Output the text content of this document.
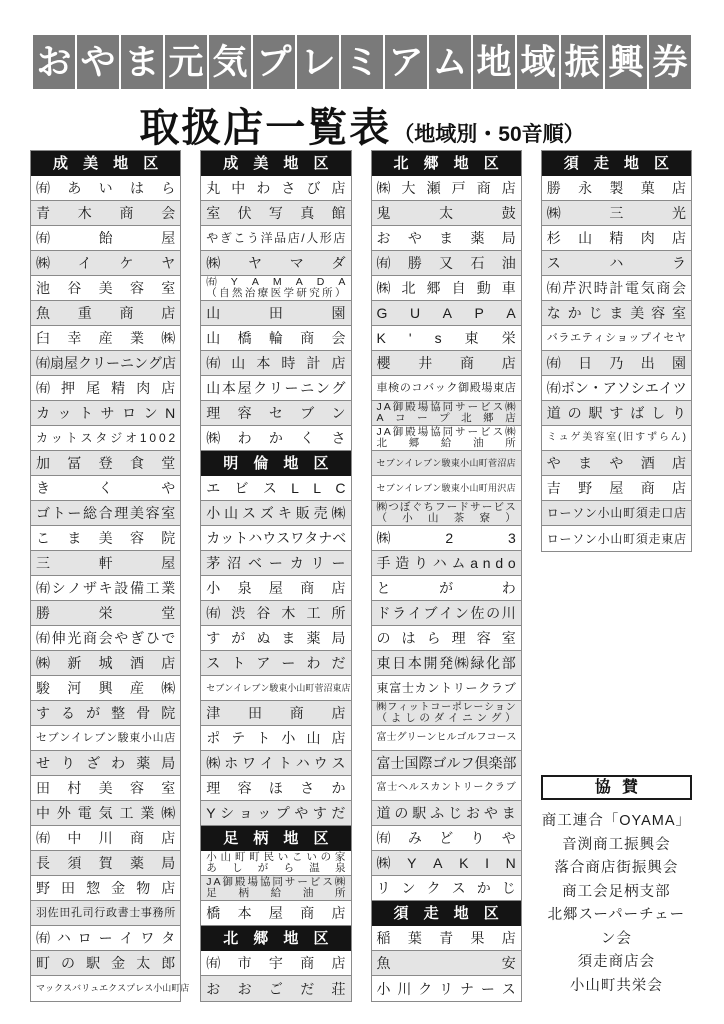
お や ま 元 気 プ レ ミ ア ム 地 域 振 興 券
取扱店一覧表 （地域別・50音順）
成 美 地 区
㈲ あ い は ら
青 木 商 会
㈲	飴	屋
㈱ イ ケ ヤ
池 谷 美 容 室
魚 重 商 店
臼 幸 産 業 ㈱
㈲ 扇 屋 ク リ ー ニ ン グ 店
㈲ 押 尾 精 肉 店
カ ッ ト サ ロ ン N
カ ッ ト ス タ ジ オ 1 0 0 2
加 冨 登 食 堂
き	く	や
ゴ ト ー 総 合 理 美 容 室
こ ま 美 容 院
三	軒	屋
㈲ シ ノ ザ キ 設 備 工 業
勝	栄	堂
㈲ 伸 光 商 会 や ぎ ひ で
㈱ 新 城 酒 店
駿 河 興 産 ㈱
す る が 整 骨 院
セ ブ ン イ レ ブ ン 駿 東 小 山 店
せ り ざ わ 薬 局
田 村 美 容 室
中 外 電 気 工 業 ㈱
㈲ 中 川 商 店
長 須 賀 薬 局
野 田 惣 金 物 店
羽 佐 田 孔 司 行 政 書 士 事 務 所
㈲ ハ ロ ー イ ワ タ
町 の 駅 金 太 郎
マ ッ ク ス バ リ ュ エ ク ス プ レ ス 小 山 町 店
成 美 地 区
丸 中 わ さ び 店
室 伏 写 真 館
や ぎ こ う 洋 品 店 / 人 形 店
㈱ ヤ マ ダ
㈲ Y A M A D A
（ 自 然 治 療 医 学 研 究 所 ）
山	田	園
山 橋 輪 商 会
㈲ 山 本 時 計 店
山 本 屋 ク リ ー ニ ン グ
理 容 セ ブ ン
㈱ わ か く さ
明 倫 地 区
エ ビ ス L L C
小 山 ス ズ キ 販 売 ㈱
カ ッ ト ハ ウ ス ワ タ ナ ベ
茅 沼 ベ ー カ リ ー
小 泉 屋 商 店
㈲ 渋 谷 木 工 所
す が ぬ ま 薬 局
ス ト ア ー わ だ
セ ブ ン イ レ ブ ン 駿 東 小 山 町 菅 沼 東 店
津 田 商 店
ポ テ ト 小 山 店
㈱ ホ ワ イ ト ハ ウ ス
理 容 ほ さ か
Y シ ョ ッ プ や す だ
足 柄 地 区
小 山 町 町 民 い こ い の 家
あ し が ら 温 泉
J A 御 殿 場 協 同 サ ー ビ ス ㈱
足 柄 給 油 所
橋 本 屋 商 店
北 郷 地 区
㈲ 市 宇 商 店
お お ご だ 荘
北 郷 地 区
㈱ 大 瀬 戸 商 店
鬼	太	鼓
お や ま 薬 局
㈲ 勝 又 石 油
㈱ 北 郷 自 動 車
G U A P A
K ' s 東 栄
櫻 井 商 店
車 検 の コ バ ッ ク 御 殿 場 東 店
J A 御 殿 場 協 同 サ ー ビ ス ㈱
A コ ー プ 北 郷 店
J A 御 殿 場 協 同 サ ー ビ ス ㈱
北 郷 給 油 所
セ ブ ン イ レ ブ ン 駿 東 小 山 町 菅 沼 店
セ ブ ン イ レ ブ ン 駿 東 小 山 町 用 沢 店
㈱ つ ぼ ぐ ち フ ー ド サ ー ビ ス
（ 小 山 茶 寮 ）
㈱	2	3
手 造 り ハ ム a n d o
と	が	わ
ド ラ イ ブ イ ン 佐 の 川
の は ら 理 容 室
東 日 本 開 発 ㈱ 緑 化 部
東 富 士 カ ン ト リ ー ク ラ ブ
㈱ フ ィ ッ ト コ ー ポ レ ー シ ョ ン
（ よ し の ダ イ ニ ン グ ）
富 士 グ リ ー ン ヒ ル ゴ ル フ コ ー ス
富 士 国 際 ゴ ル フ 倶 楽 部
富 士 ヘ ル ス カ ン ト リ ー ク ラ ブ
道 の 駅 ふ じ お や ま
㈲ み ど り や
㈱ Y A K I N
リ ン ク ス か じ
須 走 地 区
稲 葉 青 果 店
魚	安
小 川 ク リ ナ ー ス
須 走 地 区
勝 永 製 菓 店
㈱	三	光
杉 山 精 肉 店
ス	ハ	ラ
㈲ 芹 沢 時 計 電 気 商 会
な か じ ま 美 容 室
バ ラ エ テ ィ シ ョ ッ プ イ セ ヤ
㈲ 日 乃 出 園
㈲ ボ ン ・ ア ソ シ エ イ ツ
道 の 駅 す ば し り
ミ ュ ゲ 美 容 室 ( 旧 す ず ら ん )
や ま や 酒 店
吉 野 屋 商 店
ロ ー ソ ン 小 山 町 須 走 口 店
ロ ー ソ ン 小 山 町 須 走 東 店
協 賛
商工連合「OYAMA」
音渕商工振興会
落合商店街振興会
商工会足柄支部
北郷スーパーチェーン会
須走商店会
小山町共栄会
